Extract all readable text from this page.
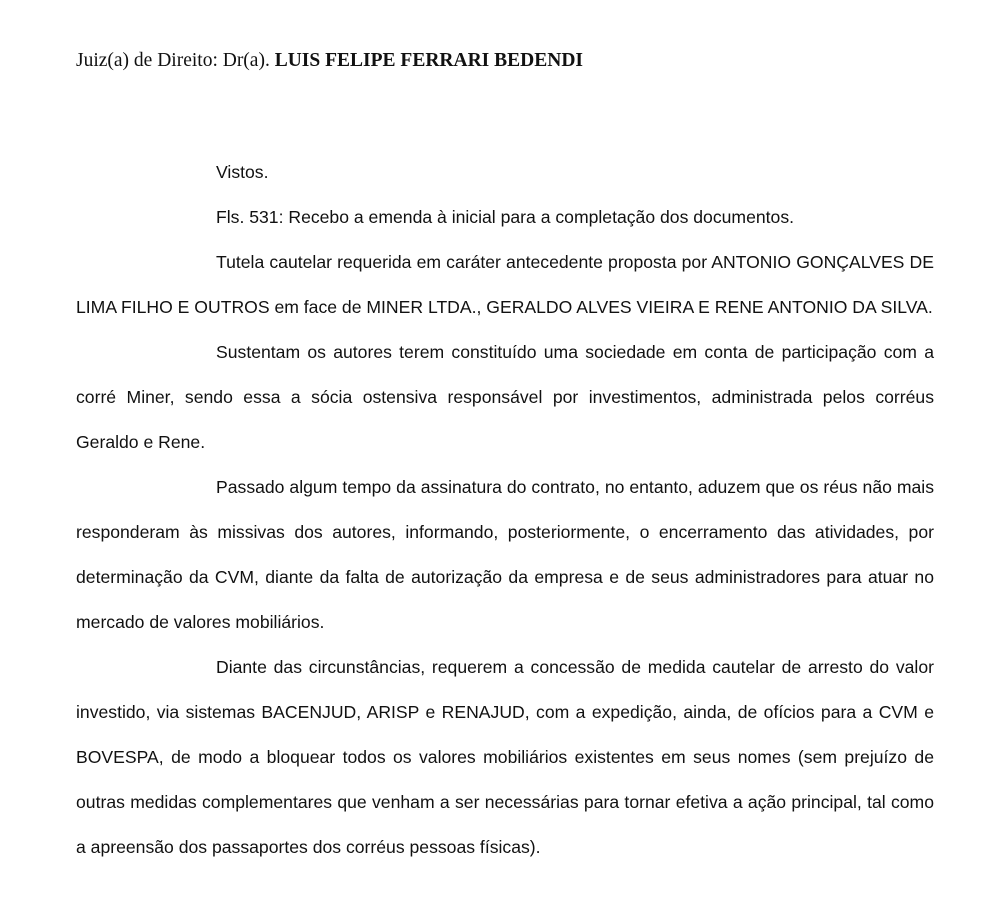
Juiz(a) de Direito: Dr(a). LUIS FELIPE FERRARI BEDENDI

Vistos.

Fls. 531: Recebo a emenda à inicial para a completação dos documentos.

Tutela cautelar requerida em caráter antecedente proposta por ANTONIO GONÇALVES DE LIMA FILHO E OUTROS em face de MINER LTDA., GERALDO ALVES VIEIRA E RENE ANTONIO DA SILVA.

Sustentam os autores terem constituído uma sociedade em conta de participação com a corré Miner, sendo essa a sócia ostensiva responsável por investimentos, administrada pelos corréus Geraldo e Rene.

Passado algum tempo da assinatura do contrato, no entanto, aduzem que os réus não mais responderam às missivas dos autores, informando, posteriormente, o encerramento das atividades, por determinação da CVM, diante da falta de autorização da empresa e de seus administradores para atuar no mercado de valores mobiliários.

Diante das circunstâncias, requerem a concessão de medida cautelar de arresto do valor investido, via sistemas BACENJUD, ARISP e RENAJUD, com a expedição, ainda, de ofícios para a CVM e BOVESPA, de modo a bloquear todos os valores mobiliários existentes em seus nomes (sem prejuízo de outras medidas complementares que venham a ser necessárias para tornar efetiva a ação principal, tal como a apreensão dos passaportes dos corréus pessoas físicas).
